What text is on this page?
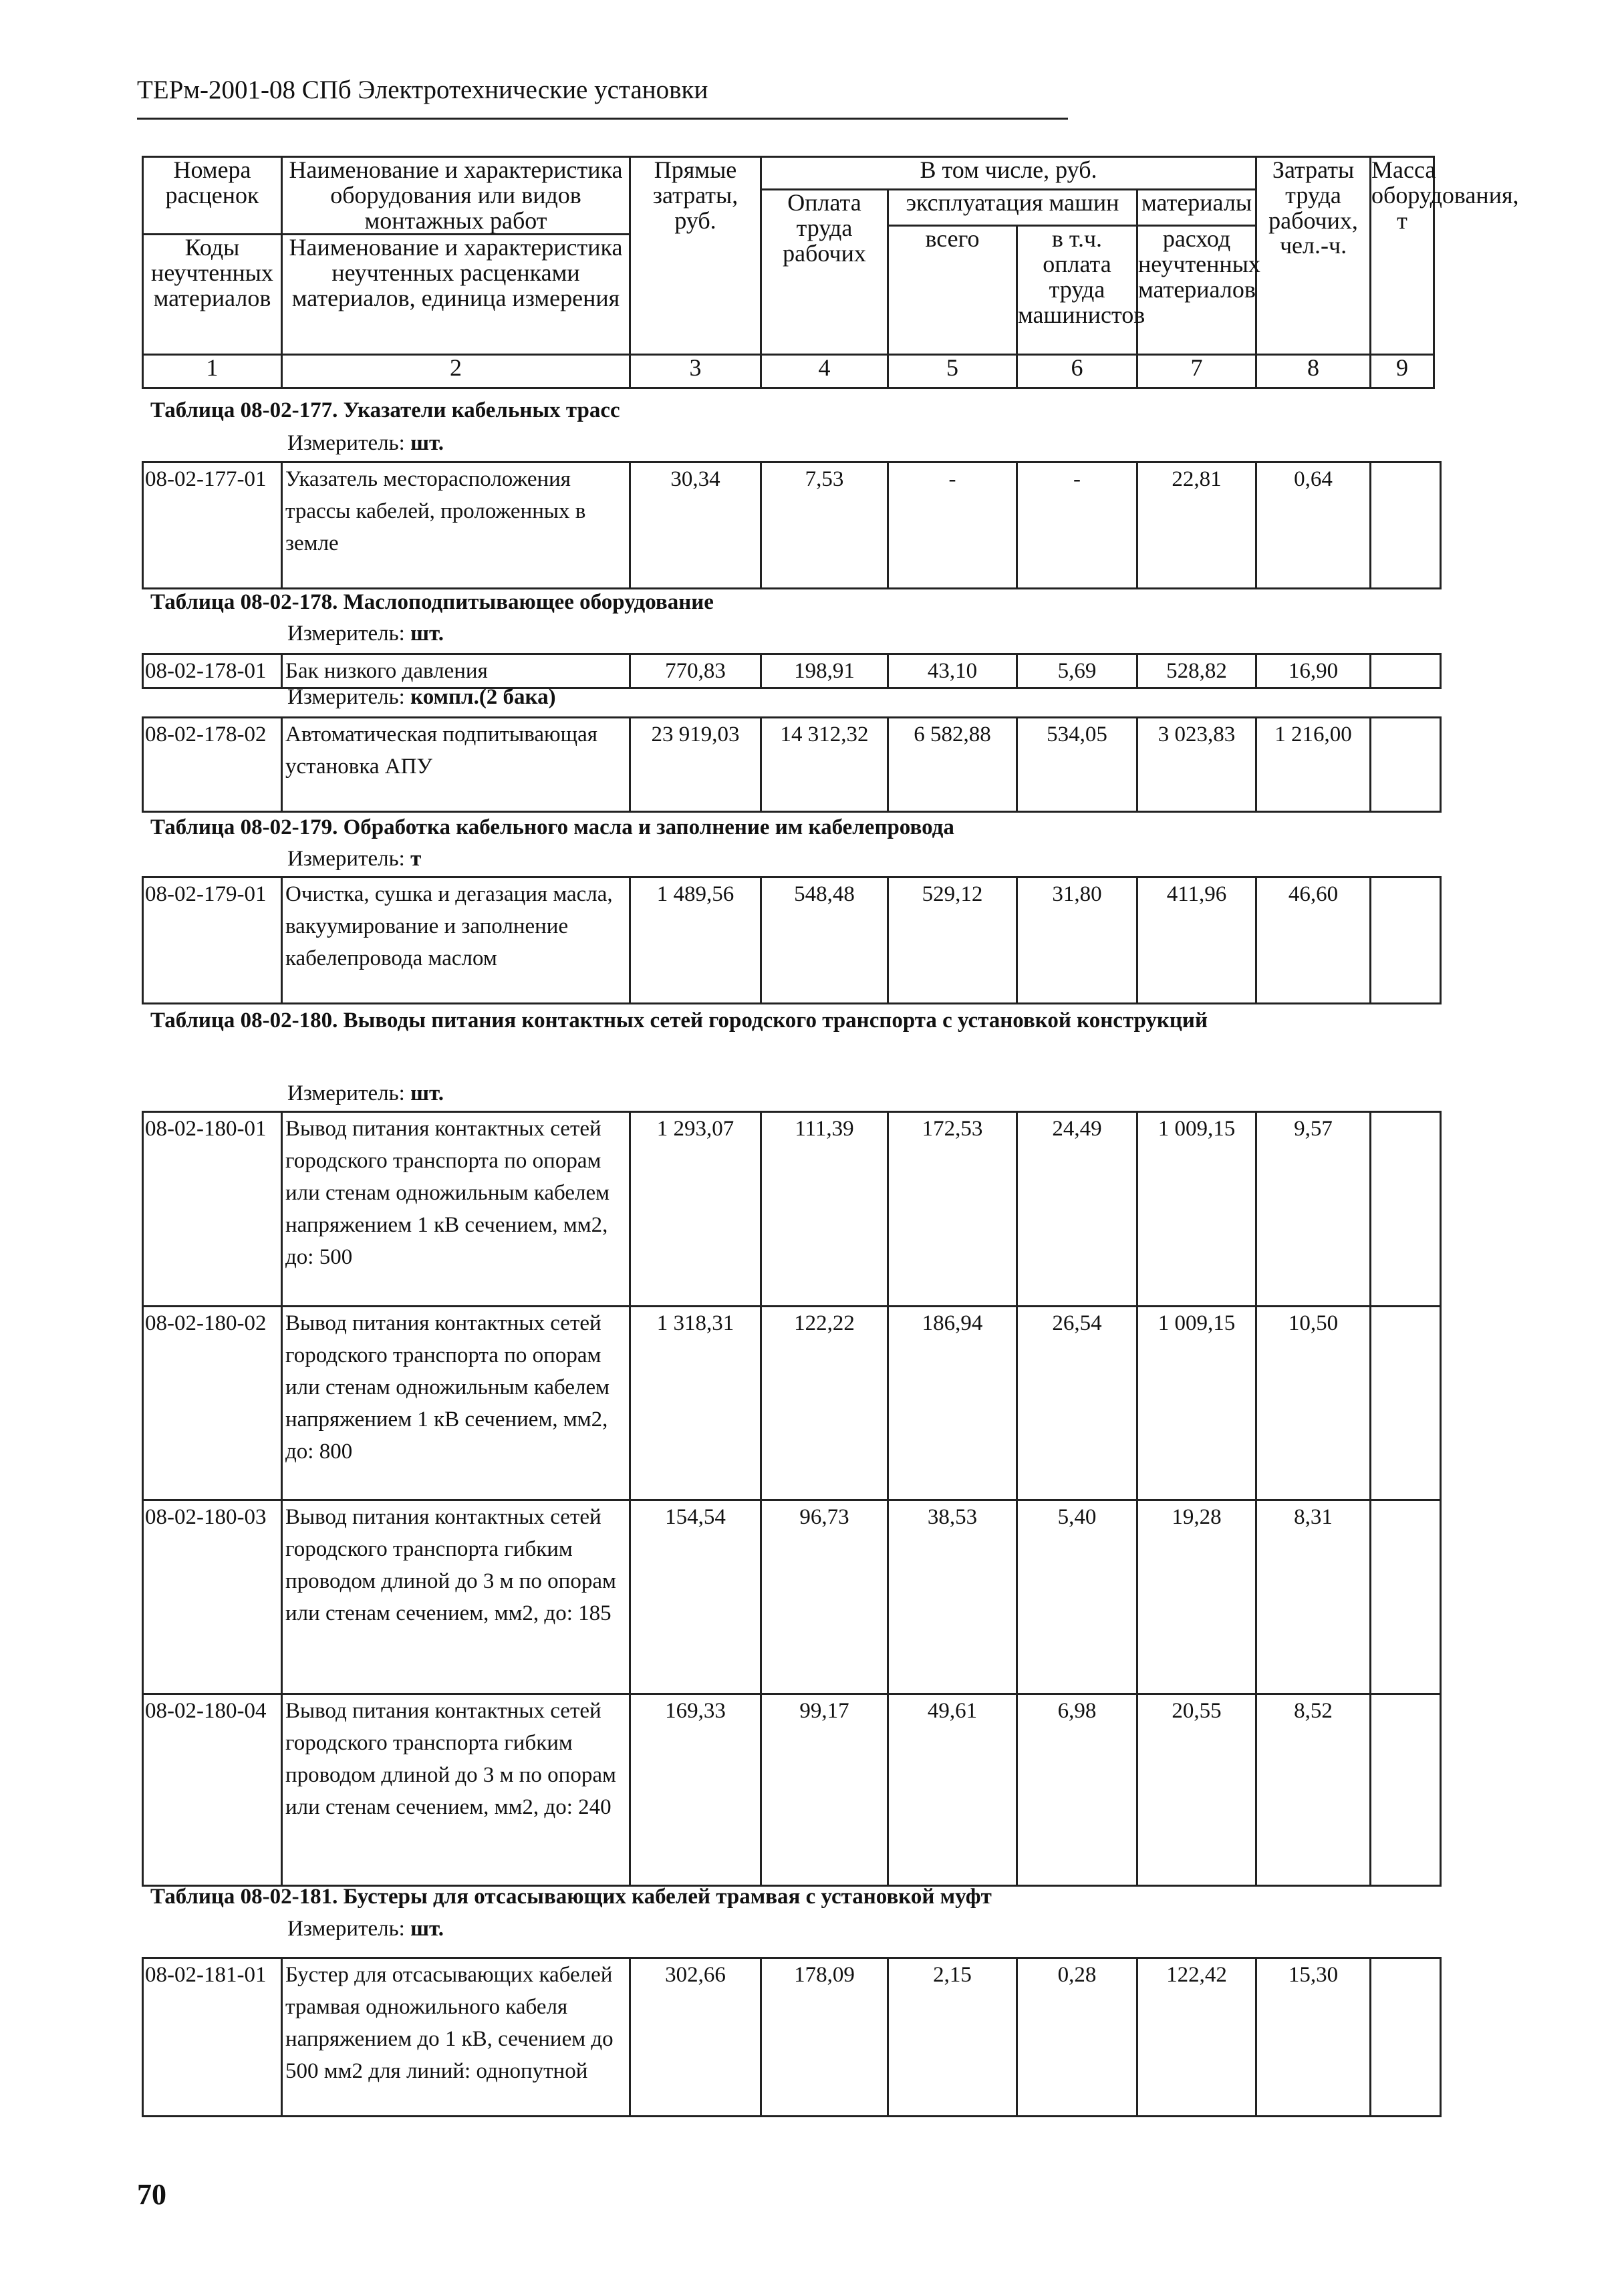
ТЕРм-2001-08 СПб Электротехнические установки
Номера расценок	Наименование и характеристика оборудования или видов монтажных работ	Прямые затраты, руб.	В том числе, руб.				Затраты труда рабочих, чел.-ч.	Масса оборудования, т
			Оплата труда рабочих	эксплуатация машин		материалы		
				всего	в т.ч. оплата труда машинистов	расход неучтенных материалов		
Коды неучтенных материалов	Наименование и характеристика неучтенных расценками материалов, единица измерения							

1	2	3	4	5	6	7	8	9
Таблица 08-02-177. Указатели кабельных трасс
Измеритель: шт.
08-02-177-01	Указатель месторасположения трассы кабелей, проложенных в земле	30,34	7,53	-	-	22,81	0,64	
Таблица 08-02-178. Маслоподпитывающее оборудование
Измеритель: шт.
08-02-178-01	Бак низкого давления	770,83	198,91	43,10	5,69	528,82	16,90	
Измеритель: компл.(2 бака)
08-02-178-02	Автоматическая подпитывающая установка АПУ	23 919,03	14 312,32	6 582,88	534,05	3 023,83	1 216,00	
Таблица 08-02-179. Обработка кабельного масла и заполнение им кабелепровода
Измеритель: т
08-02-179-01	Очистка, сушка и дегазация масла, вакуумирование и заполнение кабелепровода маслом	1 489,56	548,48	529,12	31,80	411,96	46,60	
Таблица 08-02-180. Выводы питания контактных сетей городского транспорта с установкой конструкций
Измеритель: шт.
08-02-180-01	Вывод питания контактных сетей городского транспорта по опорам или стенам одножильным кабелем напряжением 1 кВ сечением, мм2, до: 500	1 293,07	111,39	172,53	24,49	1 009,15	9,57	
08-02-180-02	Вывод питания контактных сетей городского транспорта по опорам или стенам одножильным кабелем напряжением 1 кВ сечением, мм2, до: 800	1 318,31	122,22	186,94	26,54	1 009,15	10,50	
08-02-180-03	Вывод питания контактных сетей городского транспорта гибким проводом длиной до 3 м по опорам или стенам сечением, мм2, до: 185	154,54	96,73	38,53	5,40	19,28	8,31	
08-02-180-04	Вывод питания контактных сетей городского транспорта гибким проводом длиной до 3 м по опорам или стенам сечением, мм2, до: 240	169,33	99,17	49,61	6,98	20,55	8,52	
Таблица 08-02-181. Бустеры для отсасывающих кабелей трамвая с установкой муфт
Измеритель: шт.
08-02-181-01	Бустер для отсасывающих кабелей трамвая одножильного кабеля напряжением до 1 кВ, сечением до 500 мм2 для линий: однопутной	302,66	178,09	2,15	0,28	122,42	15,30	
70
